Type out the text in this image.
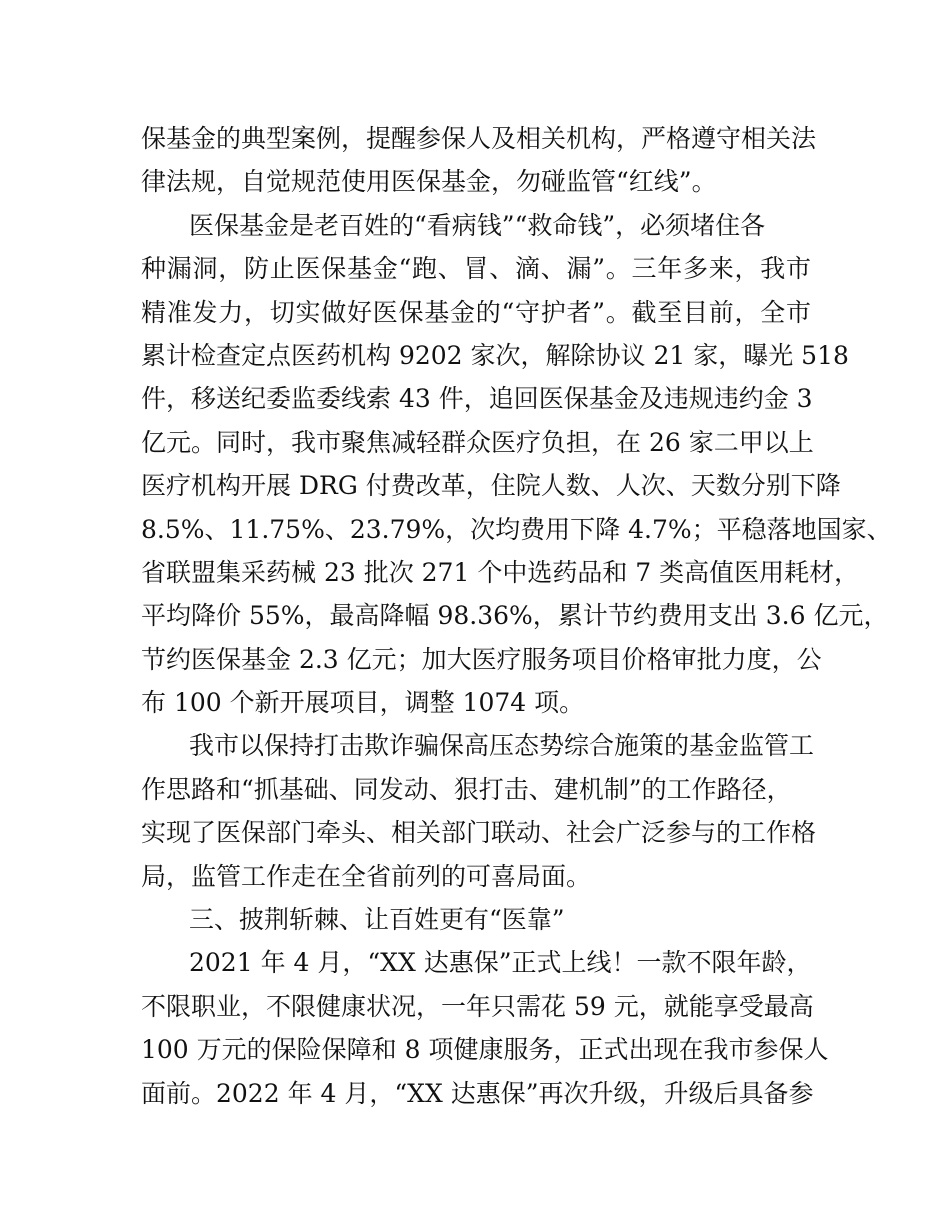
保基金的典型案例，提醒参保人及相关机构，严格遵守相关法
律法规，自觉规范使用医保基金，勿碰监管“红线”。
医保基金是老百姓的“看病钱”“救命钱”，必须堵住各
种漏洞，防止医保基金“跑、冒、滴、漏”。三年多来，我市
精准发力，切实做好医保基金的“守护者”。截至目前，全市
累计检查定点医药机构 9202 家次，解除协议 21 家，曝光 518
件，移送纪委监委线索 43 件，追回医保基金及违规违约金 3
亿元。同时，我市聚焦减轻群众医疗负担，在 26 家二甲以上
医疗机构开展 DRG 付费改革，住院人数、人次、天数分别下降
8.5%、11.75%、23.79%，次均费用下降 4.7%；平稳落地国家、
省联盟集采药械 23 批次 271 个中选药品和 7 类高值医用耗材，
平均降价 55%，最高降幅 98.36%，累计节约费用支出 3.6 亿元，
节约医保基金 2.3 亿元；加大医疗服务项目价格审批力度，公
布 100 个新开展项目，调整 1074 项。
我市以保持打击欺诈骗保高压态势综合施策的基金监管工
作思路和“抓基础、同发动、狠打击、建机制”的工作路径，
实现了医保部门牵头、相关部门联动、社会广泛参与的工作格
局，监管工作走在全省前列的可喜局面。
三、披荆斩棘、让百姓更有“医靠”
2021 年 4 月，“XX 达惠保”正式上线！一款不限年龄，
不限职业，不限健康状况，一年只需花 59 元，就能享受最高
100 万元的保险保障和 8 项健康服务，正式出现在我市参保人
面前。2022 年 4 月，“XX 达惠保”再次升级，升级后具备参
